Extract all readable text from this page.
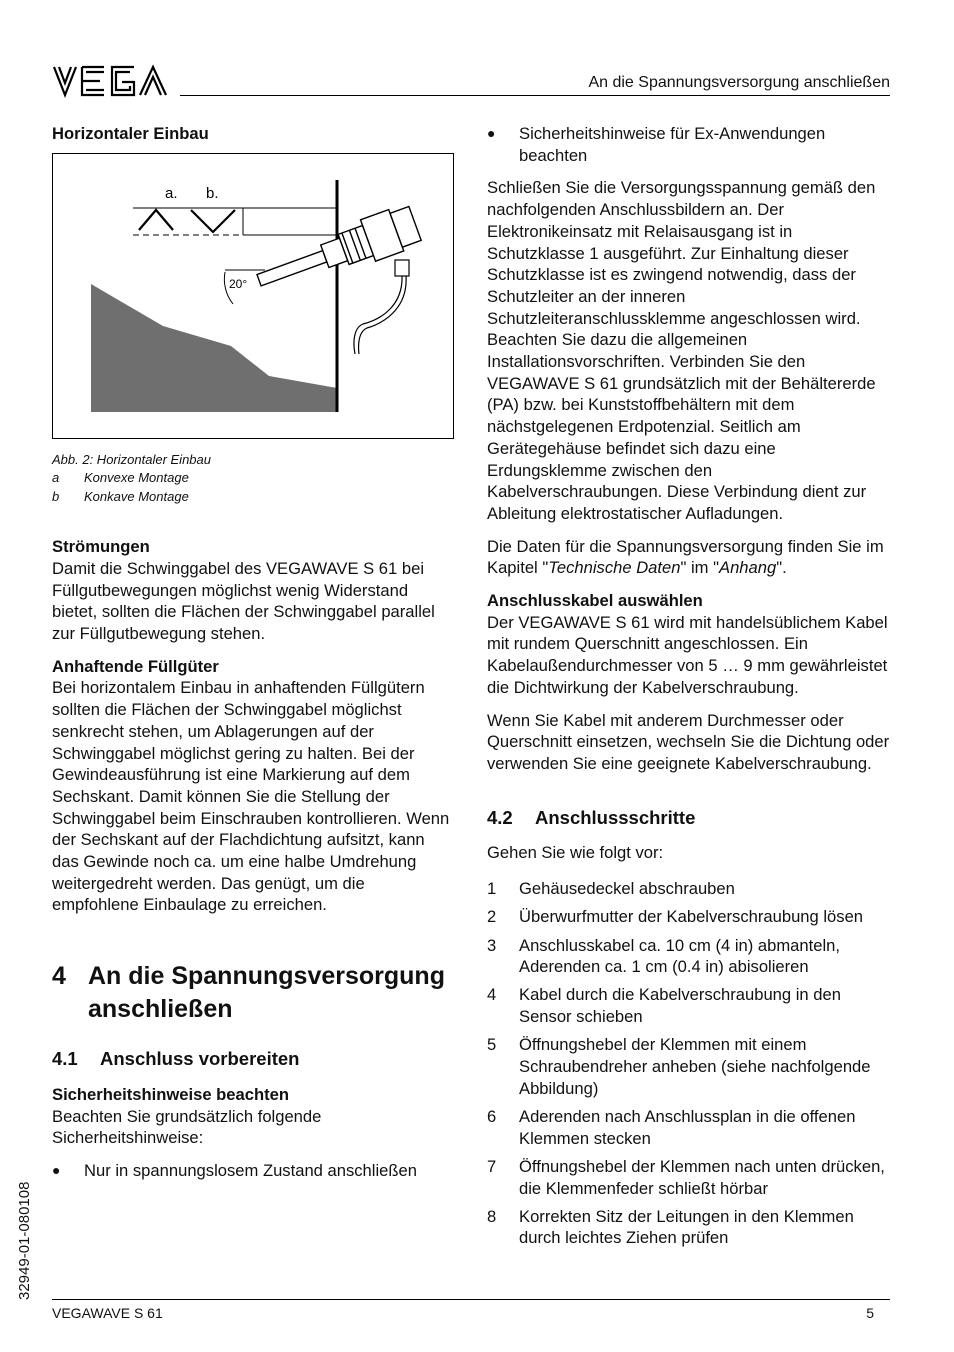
VEGA
An die Spannungsversorgung anschließen
Horizontaler Einbau
a. b.
20°
Abb. 2: Horizontaler Einbau
a	Konvexe Montage
b	Konkave Montage
Strömungen

Damit die Schwinggabel des VEGAWAVE S 61 bei Füllgutbewegungen möglichst wenig Widerstand bietet, sollten die Flächen der Schwinggabel parallel zur Füllgutbewegung stehen.

Anhaftende Füllgüter

Bei horizontalem Einbau in anhaftenden Füllgütern sollten die Flächen der Schwinggabel möglichst senkrecht stehen, um Ablagerungen auf der Schwinggabel möglichst gering zu halten. Bei der Gewindeausführung ist eine Markierung auf dem Sechskant. Damit können Sie die Stellung der Schwinggabel beim Einschrauben kontrollieren. Wenn der Sechskant auf der Flachdichtung aufsitzt, kann das Gewinde noch ca. um eine halbe Umdrehung weitergedreht werden. Das genügt, um die empfohlene Einbaulage zu erreichen.

4 An die Spannungsversorgung anschließen
4.1	Anschluss vorbereiten
Sicherheitshinweise beachten

Beachten Sie grundsätzlich folgende Sicherheitshinweise:

●	Nur in spannungslosem Zustand anschließen
●	Sicherheitshinweise für Ex-Anwendungen beachten

Schließen Sie die Versorgungsspannung gemäß den nachfolgenden Anschlussbildern an. Der Elektronikeinsatz mit Relaisausgang ist in Schutzklasse 1 ausgeführt. Zur Einhaltung dieser Schutzklasse ist es zwingend notwendig, dass der Schutzleiter an der inneren Schutzleiteranschlussklemme angeschlossen wird. Beachten Sie dazu die allgemeinen Installationsvorschriften. Verbinden Sie den VEGAWAVE S 61 grundsätzlich mit der Behältererde (PA) bzw. bei Kunststoffbehältern mit dem nächstgelegenen Erdpotenzial. Seitlich am Gerätegehäuse befindet sich dazu eine Erdungsklemme zwischen den Kabelverschraubungen. Diese Verbindung dient zur Ableitung elektrostatischer Aufladungen.

Die Daten für die Spannungsversorgung finden Sie im Kapitel "Technische Daten" im "Anhang".

Anschlusskabel auswählen

Der VEGAWAVE S 61 wird mit handelsüblichem Kabel mit rundem Querschnitt angeschlossen. Ein Kabelaußendurchmesser von 5 … 9 mm gewährleistet die Dichtwirkung der Kabelverschraubung.

Wenn Sie Kabel mit anderem Durchmesser oder Querschnitt einsetzen, wechseln Sie die Dichtung oder verwenden Sie eine geeignete Kabelverschraubung.

4.2	Anschlussschritte

Gehen Sie wie folgt vor:

1	Gehäusedeckel abschrauben
2	Überwurfmutter der Kabelverschraubung lösen
3	Anschlusskabel ca. 10 cm (4 in) abmanteln, Aderenden ca. 1 cm (0.4 in) abisolieren
4	Kabel durch die Kabelverschraubung in den Sensor schieben
5	Öffnungshebel der Klemmen mit einem Schraubendreher anheben (siehe nachfolgende Abbildung)
6	Aderenden nach Anschlussplan in die offenen Klemmen stecken
7	Öffnungshebel der Klemmen nach unten drücken, die Klemmenfeder schließt hörbar
8	Korrekten Sitz der Leitungen in den Klemmen durch leichtes Ziehen prüfen
32949-01-080108
VEGAWAVE S 61	5
